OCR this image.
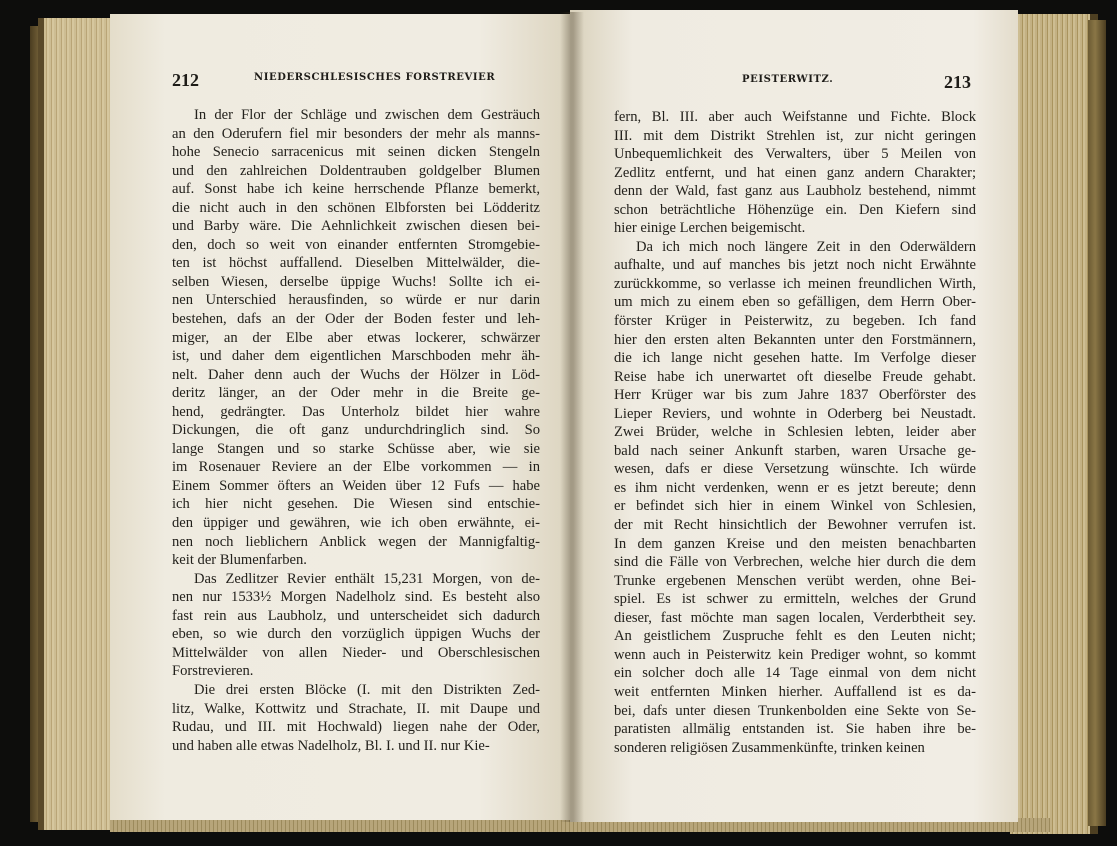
212	NIEDERSCHLESISCHES FORSTREVIER
In der Flor der Schläge und zwischen dem Gesträuch
an den Oderufern fiel mir besonders der mehr als manns-
hohe Senecio sarracenicus mit seinen dicken Stengeln
und den zahlreichen Doldentrauben goldgelber Blumen
auf. Sonst habe ich keine herrschende Pflanze bemerkt,
die nicht auch in den schönen Elbforsten bei Lödderitz
und Barby wäre. Die Aehnlichkeit zwischen diesen bei-
den, doch so weit von einander entfernten Stromgebie-
ten ist höchst auffallend. Dieselben Mittelwälder, die-
selben Wiesen, derselbe üppige Wuchs! Sollte ich ei-
nen Unterschied herausfinden, so würde er nur darin
bestehen, dafs an der Oder der Boden fester und leh-
miger, an der Elbe aber etwas lockerer, schwärzer
ist, und daher dem eigentlichen Marschboden mehr äh-
nelt. Daher denn auch der Wuchs der Hölzer in Löd-
deritz länger, an der Oder mehr in die Breite ge-
hend, gedrängter. Das Unterholz bildet hier wahre
Dickungen, die oft ganz undurchdringlich sind. So
lange Stangen und so starke Schüsse aber, wie sie
im Rosenauer Reviere an der Elbe vorkommen — in
Einem Sommer öfters an Weiden über 12 Fufs — habe
ich hier nicht gesehen. Die Wiesen sind entschie-
den üppiger und gewähren, wie ich oben erwähnte, ei-
nen noch lieblichern Anblick wegen der Mannigfaltig-
keit der Blumenfarben.
Das Zedlitzer Revier enthält 15,231 Morgen, von de-
nen nur 1533½ Morgen Nadelholz sind. Es besteht also
fast rein aus Laubholz, und unterscheidet sich dadurch
eben, so wie durch den vorzüglich üppigen Wuchs der
Mittelwälder von allen Nieder- und Oberschlesischen
Forstrevieren.
Die drei ersten Blöcke (I. mit den Distrikten Zed-
litz, Walke, Kottwitz und Strachate, II. mit Daupe und
Rudau, und III. mit Hochwald) liegen nahe der Oder,
und haben alle etwas Nadelholz, Bl. I. und II. nur Kie-
PEISTERWITZ.	213
fern, Bl. III. aber auch Weifstanne und Fichte. Block
III. mit dem Distrikt Strehlen ist, zur nicht geringen
Unbequemlichkeit des Verwalters, über 5 Meilen von
Zedlitz entfernt, und hat einen ganz andern Charakter;
denn der Wald, fast ganz aus Laubholz bestehend, nimmt
schon beträchtliche Höhenzüge ein. Den Kiefern sind
hier einige Lerchen beigemischt.
Da ich mich noch längere Zeit in den Oderwäldern
aufhalte, und auf manches bis jetzt noch nicht Erwähnte
zurückkomme, so verlasse ich meinen freundlichen Wirth,
um mich zu einem eben so gefälligen, dem Herrn Ober-
förster Krüger in Peisterwitz, zu begeben. Ich fand
hier den ersten alten Bekannten unter den Forstmännern,
die ich lange nicht gesehen hatte. Im Verfolge dieser
Reise habe ich unerwartet oft dieselbe Freude gehabt.
Herr Krüger war bis zum Jahre 1837 Oberförster des
Lieper Reviers, und wohnte in Oderberg bei Neustadt.
Zwei Brüder, welche in Schlesien lebten, leider aber
bald nach seiner Ankunft starben, waren Ursache ge-
wesen, dafs er diese Versetzung wünschte. Ich würde
es ihm nicht verdenken, wenn er es jetzt bereute; denn
er befindet sich hier in einem Winkel von Schlesien,
der mit Recht hinsichtlich der Bewohner verrufen ist.
In dem ganzen Kreise und den meisten benachbarten
sind die Fälle von Verbrechen, welche hier durch die dem
Trunke ergebenen Menschen verübt werden, ohne Bei-
spiel. Es ist schwer zu ermitteln, welches der Grund
dieser, fast möchte man sagen localen, Verderbtheit sey.
An geistlichem Zuspruche fehlt es den Leuten nicht;
wenn auch in Peisterwitz kein Prediger wohnt, so kommt
ein solcher doch alle 14 Tage einmal von dem nicht
weit entfernten Minken hierher. Auffallend ist es da-
bei, dafs unter diesen Trunkenbolden eine Sekte von Se-
paratisten allmälig entstanden ist. Sie haben ihre be-
sonderen religiösen Zusammenkünfte, trinken keinen
